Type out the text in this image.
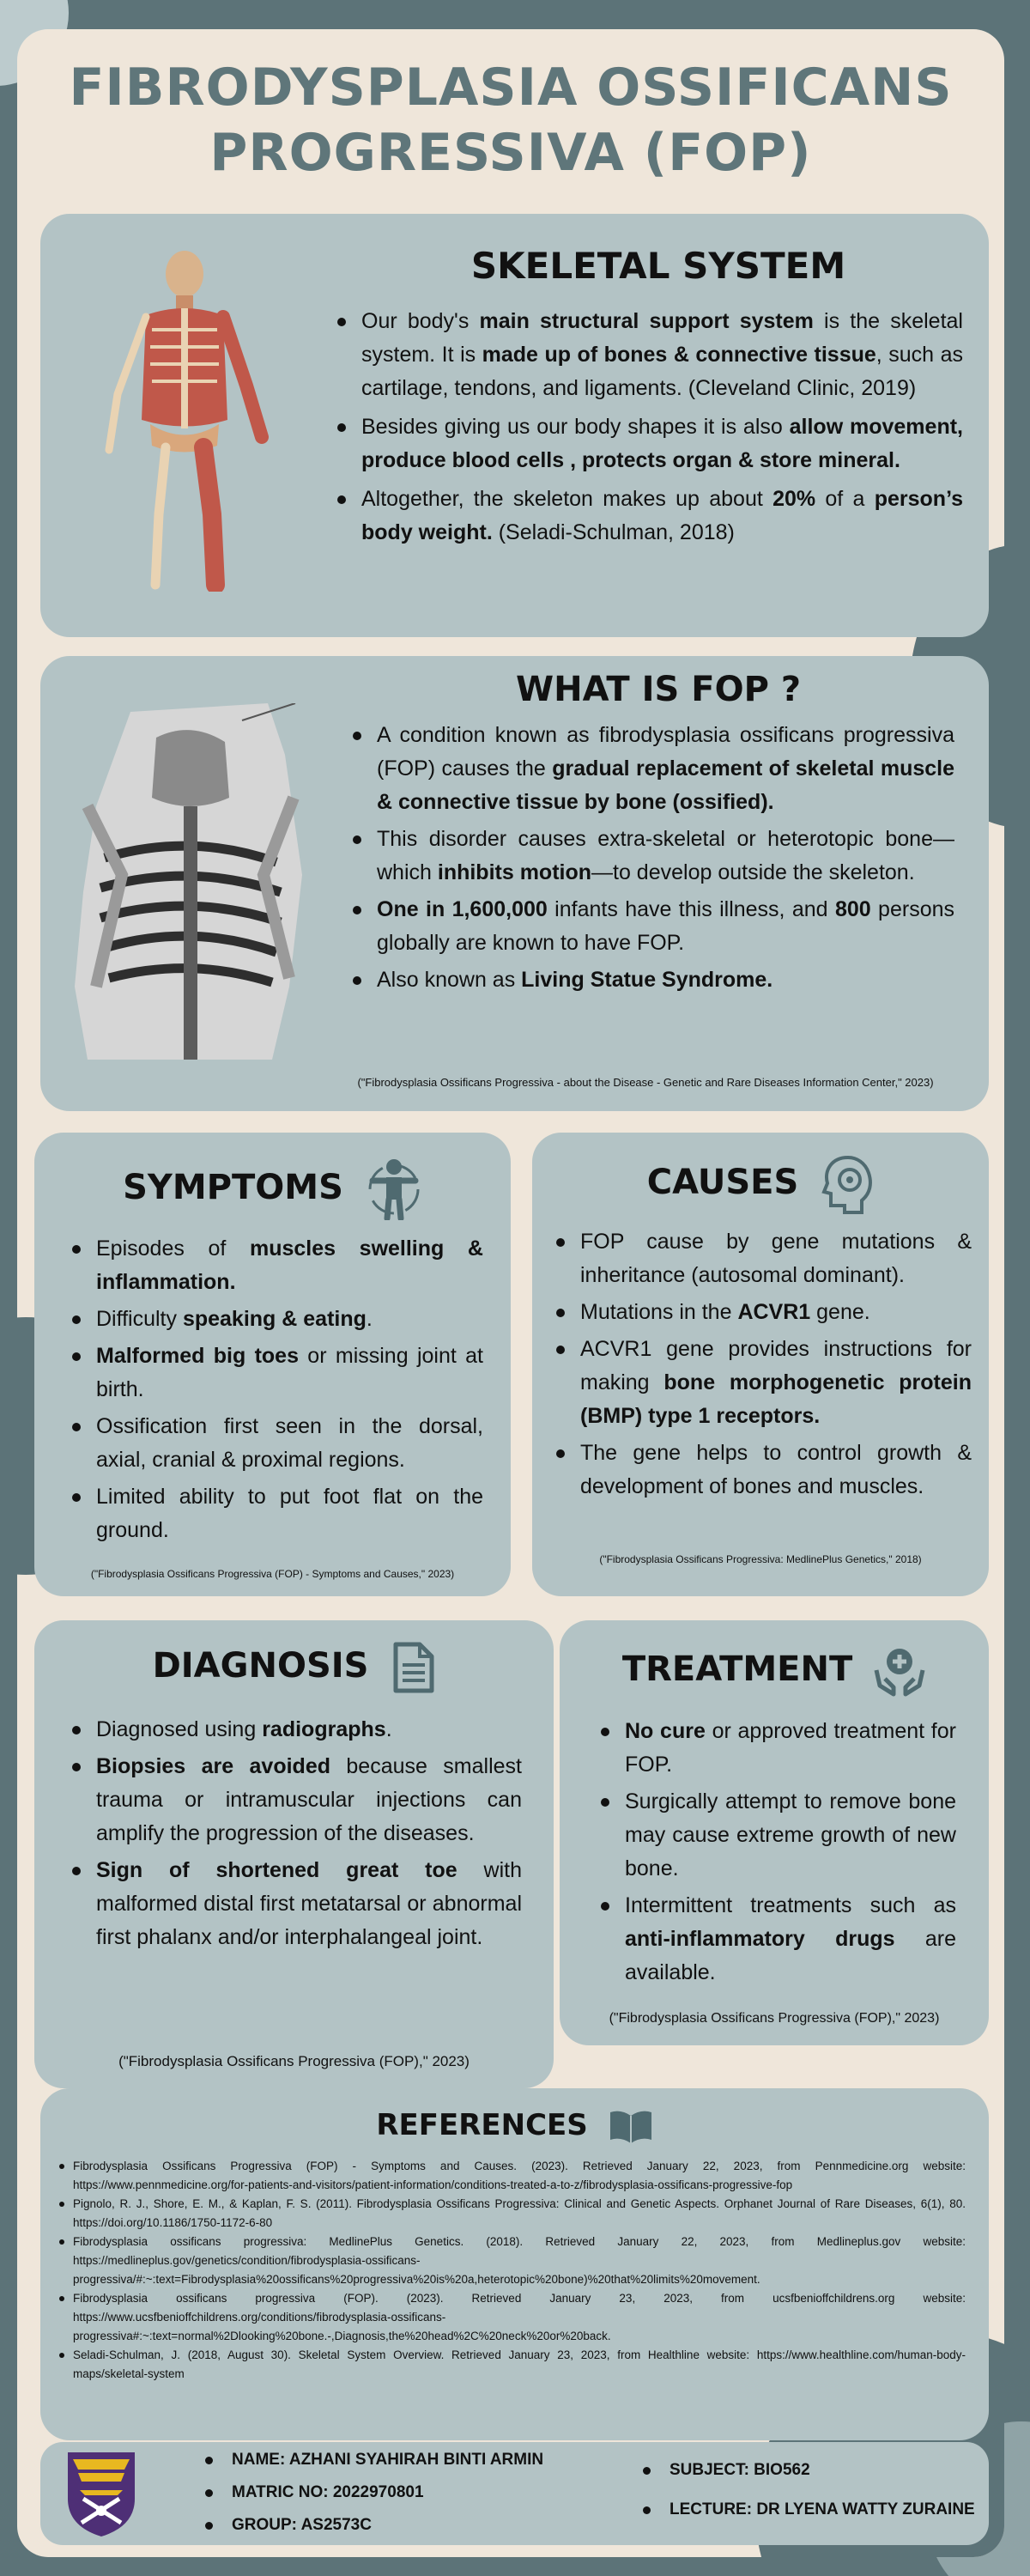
FIBRODYSPLASIA OSSIFICANS
PROGRESSIVA (FOP)
SKELETAL SYSTEM
Our body's main structural support system is the skeletal system. It is made up of bones & connective tissue, such as cartilage, tendons, and ligaments. (Cleveland Clinic, 2019)
Besides giving us our body shapes it is also allow movement, produce blood cells , protects organ & store mineral.
Altogether, the skeleton makes up about 20% of a person’s body weight. (Seladi-Schulman, 2018)
WHAT IS FOP ?
A condition known as fibrodysplasia ossificans progressiva (FOP) causes the gradual replacement of skeletal muscle & connective tissue by bone (ossified).
This disorder causes extra-skeletal or heterotopic bone—which inhibits motion—to develop outside the skeleton.
One in 1,600,000 infants have this illness, and 800 persons globally are known to have FOP.
Also known as Living Statue Syndrome.
("Fibrodysplasia Ossificans Progressiva - about the Disease - Genetic and Rare Diseases Information Center," 2023)
SYMPTOMS
Episodes of muscles swelling & inflammation.
Difficulty speaking & eating.
Malformed big toes or missing joint at birth.
Ossification first seen in the dorsal, axial, cranial & proximal regions.
Limited ability to put foot flat on the ground.
("Fibrodysplasia Ossificans Progressiva (FOP) - Symptoms and Causes," 2023)
CAUSES
FOP cause by gene mutations & inheritance (autosomal dominant).
Mutations in the ACVR1 gene.
ACVR1 gene provides instructions for making bone morphogenetic protein (BMP) type 1 receptors.
The gene helps to control growth & development of bones and muscles.
("Fibrodysplasia Ossificans Progressiva: MedlinePlus Genetics," 2018)
DIAGNOSIS
Diagnosed using radiographs.
Biopsies are avoided because smallest trauma or intramuscular injections can amplify the progression of the diseases.
Sign of shortened great toe with malformed distal first metatarsal or abnormal first phalanx and/or interphalangeal joint.
("Fibrodysplasia Ossificans Progressiva (FOP)," 2023)
TREATMENT
No cure or approved treatment for FOP.
Surgically attempt to remove bone may cause extreme growth of new bone.
Intermittent treatments such as anti-inflammatory drugs are available.
("Fibrodysplasia Ossificans Progressiva (FOP)," 2023)
REFERENCES
Fibrodysplasia Ossificans Progressiva (FOP) - Symptoms and Causes. (2023). Retrieved January 22, 2023, from Pennmedicine.org website: https://www.pennmedicine.org/for-patients-and-visitors/patient-information/conditions-treated-a-to-z/fibrodysplasia-ossificans-progressive-fop
Pignolo, R. J., Shore, E. M., & Kaplan, F. S. (2011). Fibrodysplasia Ossificans Progressiva: Clinical and Genetic Aspects. Orphanet Journal of Rare Diseases, 6(1), 80. https://doi.org/10.1186/1750-1172-6-80
Fibrodysplasia ossificans progressiva: MedlinePlus Genetics. (2018). Retrieved January 22, 2023, from Medlineplus.gov website: https://medlineplus.gov/genetics/condition/fibrodysplasia-ossificans-progressiva/#:~:text=Fibrodysplasia%20ossificans%20progressiva%20is%20a,heterotopic%20bone)%20that%20limits%20movement.
Fibrodysplasia ossificans progressiva (FOP). (2023). Retrieved January 23, 2023, from ucsfbenioffchildrens.org website: https://www.ucsfbenioffchildrens.org/conditions/fibrodysplasia-ossificans-progressiva#:~:text=normal%2Dlooking%20bone.-,Diagnosis,the%20head%2C%20neck%20or%20back.
Seladi-Schulman, J. (2018, August 30). Skeletal System Overview. Retrieved January 23, 2023, from Healthline website: https://www.healthline.com/human-body-maps/skeletal-system
NAME: AZHANI SYAHIRAH BINTI ARMIN
MATRIC NO: 2022970801
GROUP: AS2573C
SUBJECT: BIO562
LECTURE: DR LYENA WATTY ZURAINE
